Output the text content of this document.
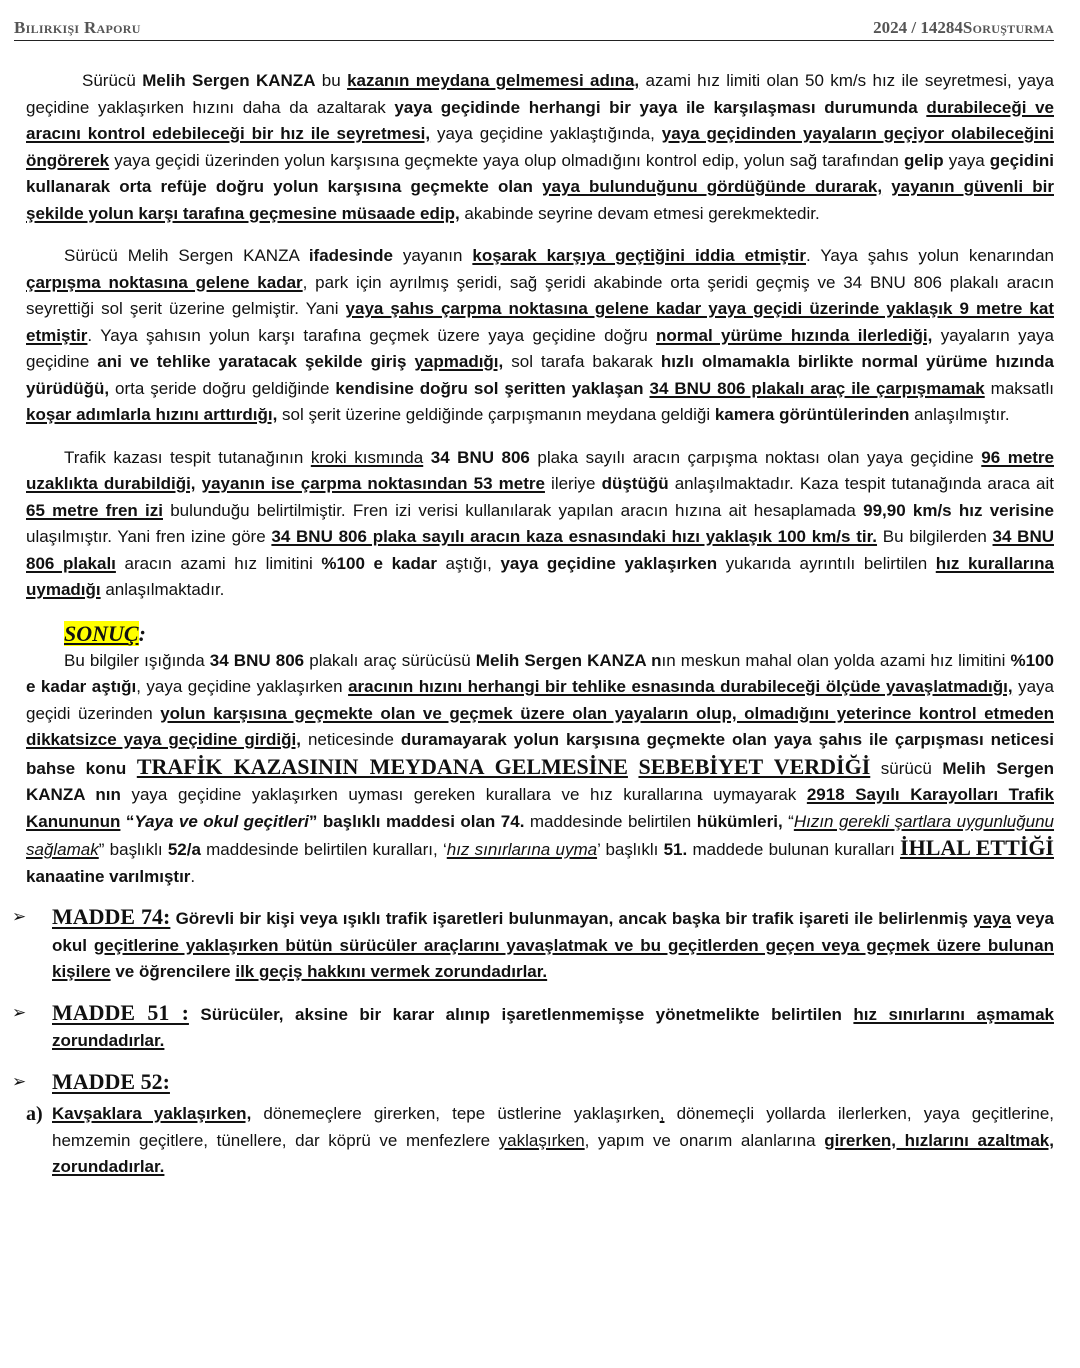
Bilirkişi Raporu	2024 / 14284Soruşturma

Sürücü Melih Sergen KANZA bu kazanın meydana gelmemesi adına, azami hız limiti olan 50 km/s hız ile seyretmesi, yaya geçidine yaklaşırken hızını daha da azaltarak yaya geçidinde herhangi bir yaya ile karşılaşması durumunda durabileceği ve aracını kontrol edebileceği bir hız ile seyretmesi, yaya geçidine yaklaştığında, yaya geçidinden yayaların geçiyor olabileceğini öngörerek yaya geçidi üzerinden yolun karşısına geçmekte yaya olup olmadığını kontrol edip, yolun sağ tarafından gelip yaya geçidini kullanarak orta refüje doğru yolun karşısına geçmekte olan yaya bulunduğunu gördüğünde durarak, yayanın güvenli bir şekilde yolun karşı tarafına geçmesine müsaade edip, akabinde seyrine devam etmesi gerekmektedir.

Sürücü Melih Sergen KANZA ifadesinde yayanın koşarak karşıya geçtiğini iddia etmiştir. Yaya şahıs yolun kenarından çarpışma noktasına gelene kadar, park için ayrılmış şeridi, sağ şeridi akabinde orta şeridi geçmiş ve 34 BNU 806 plakalı aracın seyrettiği sol şerit üzerine gelmiştir. Yani yaya şahıs çarpma noktasına gelene kadar yaya geçidi üzerinde yaklaşık 9 metre kat etmiştir. Yaya şahısın yolun karşı tarafına geçmek üzere yaya geçidine doğru normal yürüme hızında ilerlediği, yayaların yaya geçidine ani ve tehlike yaratacak şekilde giriş yapmadığı, sol tarafa bakarak hızlı olmamakla birlikte normal yürüme hızında yürüdüğü, orta şeride doğru geldiğinde kendisine doğru sol şeritten yaklaşan 34 BNU 806 plakalı araç ile çarpışmamak maksatlı koşar adımlarla hızını arttırdığı, sol şerit üzerine geldiğinde çarpışmanın meydana geldiği kamera görüntülerinden anlaşılmıştır.

Trafik kazası tespit tutanağının kroki kısmında 34 BNU 806 plaka sayılı aracın çarpışma noktası olan yaya geçidine 96 metre uzaklıkta durabildiği, yayanın ise çarpma noktasından 53 metre ileriye düştüğü anlaşılmaktadır. Kaza tespit tutanağında araca ait 65 metre fren izi bulunduğu belirtilmiştir. Fren izi verisi kullanılarak yapılan aracın hızına ait hesaplamada 99,90 km/s hız verisine ulaşılmıştır. Yani fren izine göre 34 BNU 806 plaka sayılı aracın kaza esnasındaki hızı yaklaşık 100 km/s tir. Bu bilgilerden 34 BNU 806 plakalı aracın azami hız limitini %100 e kadar aştığı, yaya geçidine yaklaşırken yukarıda ayrıntılı belirtilen hız kurallarına uymadığı anlaşılmaktadır.

SONUÇ:

Bu bilgiler ışığında 34 BNU 806 plakalı araç sürücüsü Melih Sergen KANZA nın meskun mahal olan yolda azami hız limitini %100 e kadar aştığı, yaya geçidine yaklaşırken aracının hızını herhangi bir tehlike esnasında durabileceği ölçüde yavaşlatmadığı, yaya geçidi üzerinden yolun karşısına geçmekte olan ve geçmek üzere olan yayaların olup, olmadığını yeterince kontrol etmeden dikkatsizce yaya geçidine girdiği, neticesinde duramayarak yolun karşısına geçmekte olan yaya şahıs ile çarpışması neticesi bahse konu TRAFİK KAZASININ MEYDANA GELMESİNE SEBEBİYET VERDİĞİ sürücü Melih Sergen KANZA nın yaya geçidine yaklaşırken uyması gereken kurallara ve hız kurallarına uymayarak 2918 Sayılı Karayolları Trafik Kanununun “Yaya ve okul geçitleri” başlıklı maddesi olan 74. maddesinde belirtilen hükümleri, “Hızın gerekli şartlara uygunluğunu sağlamak” başlıklı 52/a maddesinde belirtilen kuralları, ‘hız sınırlarına uyma’ başlıklı 51. maddede bulunan kuralları İHLAL ETTİĞİ kanaatine varılmıştır.

➢ MADDE 74: Görevli bir kişi veya ışıklı trafik işaretleri bulunmayan, ancak başka bir trafik işareti ile belirlenmiş yaya veya okul geçitlerine yaklaşırken bütün sürücüler araçlarını yavaşlatmak ve bu geçitlerden geçen veya geçmek üzere bulunan kişilere ve öğrencilere ilk geçiş hakkını vermek zorundadırlar.
➢ MADDE 51 : Sürücüler, aksine bir karar alınıp işaretlenmemişse yönetmelikte belirtilen hız sınırlarını aşmamak zorundadırlar.
➢ MADDE 52:
a) Kavşaklara yaklaşırken, dönemeçlere girerken, tepe üstlerine yaklaşırken, dönemeçli yollarda ilerlerken, yaya geçitlerine, hemzemin geçitlere, tünellere, dar köprü ve menfezlere yaklaşırken, yapım ve onarım alanlarına girerken, hızlarını azaltmak, zorundadırlar.
